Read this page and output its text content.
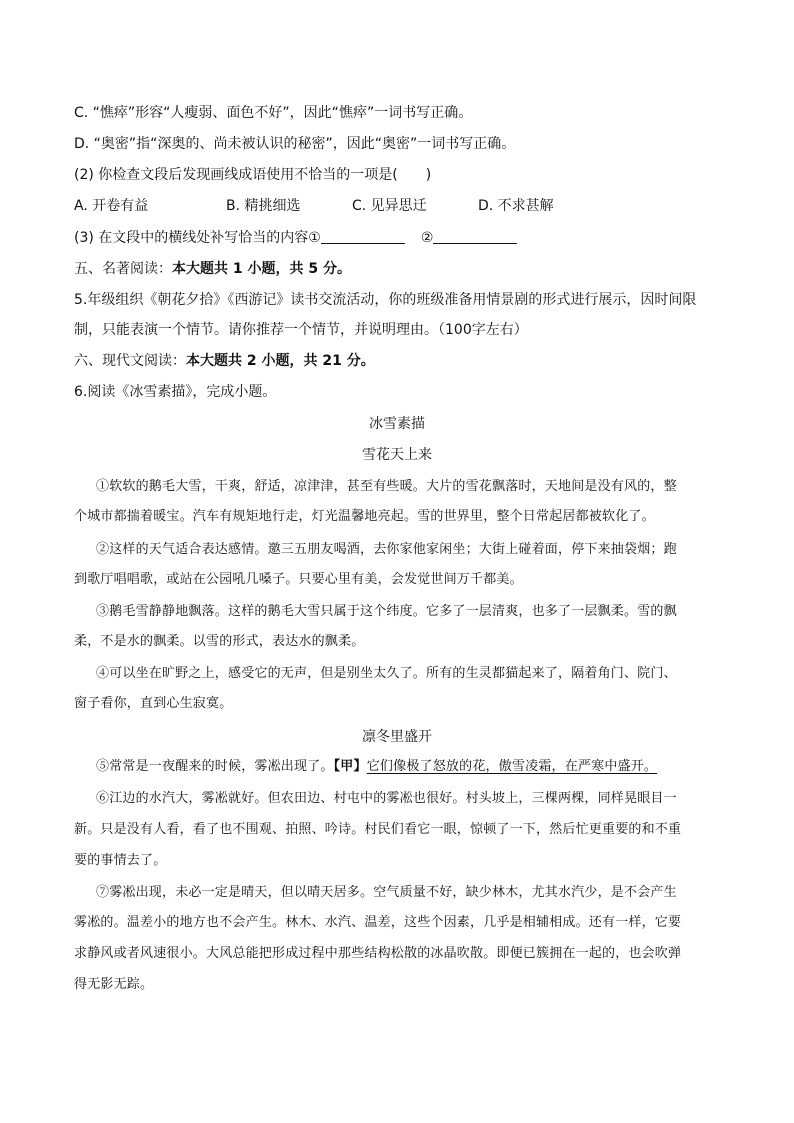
C. “憔瘁”形容“人瘦弱、面色不好”，因此“憔瘁”一词书写正确。
D. “奥密”指“深奥的、尚未被认识的秘密”，因此“奥密”一词书写正确。
(2) 你检查文段后发现画线成语使用不恰当的一项是(　　)
A. 开卷有益	B. 精挑细选	C. 见异思迁	D. 不求甚解
(3) 在文段中的横线处补写恰当的内容①	②
五、名著阅读：本大题共 1 小题，共 5 分。
5.年级组织《朝花夕拾》《西游记》读书交流活动，你的班级准备用情景剧的形式进行展示，因时间限
制，只能表演一个情节。请你推荐一个情节，并说明理由。（100字左右）
六、现代文阅读：本大题共 2 小题，共 21 分。
6.阅读《冰雪素描》，完成小题。
冰雪素描
雪花天上来
①软软的鹅毛大雪，干爽，舒适，凉津津，甚至有些暖。大片的雪花飘落时，天地间是没有风的，整
个城市都揣着暖宝。汽车有规矩地行走，灯光温馨地亮起。雪的世界里，整个日常起居都被软化了。
②这样的天气适合表达感情。邀三五朋友喝酒，去你家他家闲坐；大街上碰着面，停下来抽袋烟；跑
到歌厅唱唱歌，或站在公园吼几嗓子。只要心里有美，会发觉世间万千都美。
③鹅毛雪静静地飘落。这样的鹅毛大雪只属于这个纬度。它多了一层清爽，也多了一层飘柔。雪的飘
柔，不是水的飘柔。以雪的形式，表达水的飘柔。
④可以坐在旷野之上，感受它的无声，但是别坐太久了。所有的生灵都猫起来了，隔着角门、院门、
窗子看你，直到心生寂寞。
凛冬里盛开
⑤常常是一夜醒来的时候，雾凇出现了。【甲】它们像极了怒放的花，傲雪凌霜，在严寒中盛开。
⑥江边的水汽大，雾凇就好。但农田边、村屯中的雾凇也很好。村头坡上，三棵两棵，同样晃眼目一
新。只是没有人看，看了也不围观、拍照、吟诗。村民们看它一眼，惊顿了一下，然后忙更重要的和不重
要的事情去了。
⑦雾凇出现，未必一定是晴天，但以晴天居多。空气质量不好，缺少林木，尤其水汽少，是不会产生
雾凇的。温差小的地方也不会产生。林木、水汽、温差，这些个因素，几乎是相辅相成。还有一样，它要
求静风或者风速很小。大风总能把形成过程中那些结构松散的冰晶吹散。即便已簇拥在一起的，也会吹弹
得无影无踪。
